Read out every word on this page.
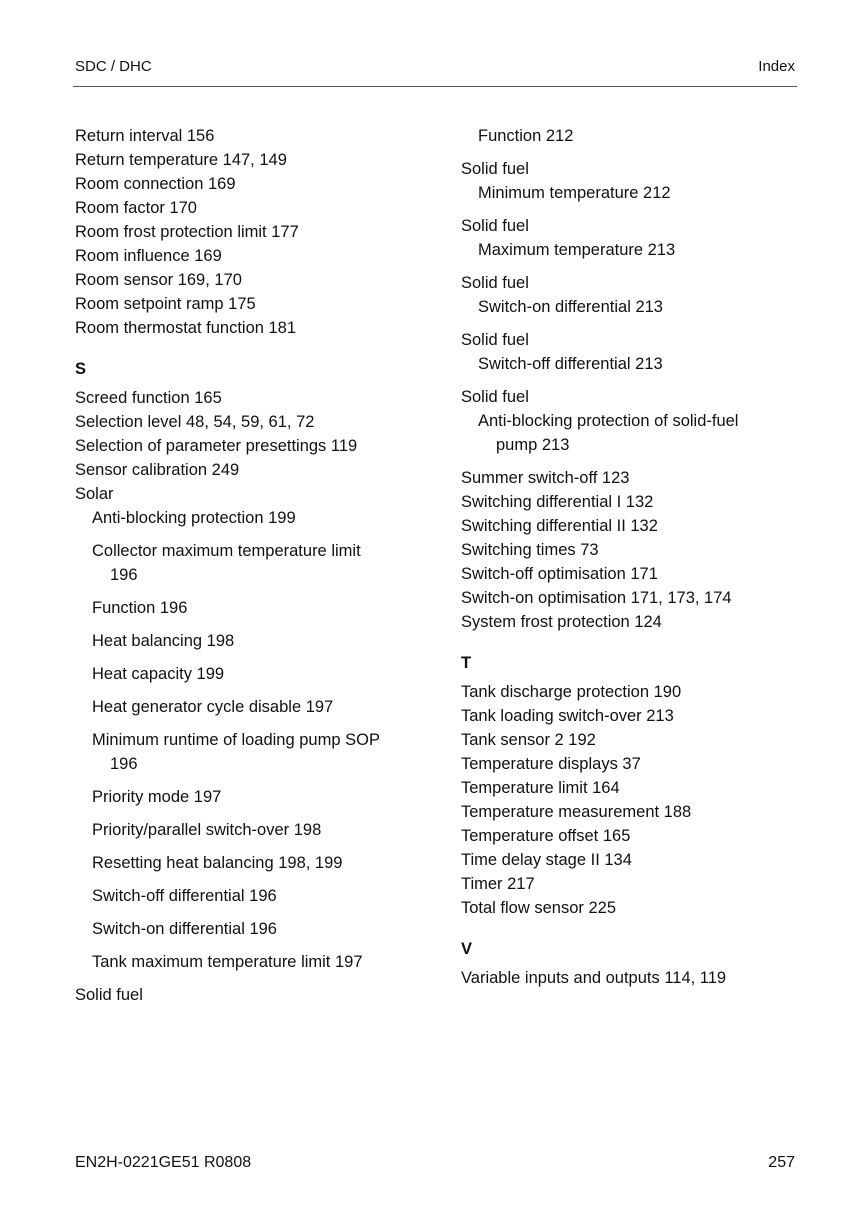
SDC / DHC	Index
Return interval 156
Return temperature 147, 149
Room connection 169
Room factor 170
Room frost protection limit 177
Room influence 169
Room sensor 169, 170
Room setpoint ramp 175
Room thermostat function 181
S
Screed function 165
Selection level 48, 54, 59, 61, 72
Selection of parameter presettings 119
Sensor calibration 249
Solar
Anti-blocking protection 199
Collector maximum temperature limit
196
Function 196
Heat balancing 198
Heat capacity 199
Heat generator cycle disable 197
Minimum runtime of loading pump SOP
196
Priority mode 197
Priority/parallel switch-over 198
Resetting heat balancing 198, 199
Switch-off differential 196
Switch-on differential 196
Tank maximum temperature limit 197
Solid fuel
Function 212
Solid fuel
Minimum temperature 212
Solid fuel
Maximum temperature 213
Solid fuel
Switch-on differential 213
Solid fuel
Switch-off differential 213
Solid fuel
Anti-blocking protection of solid-fuel
pump 213
Summer switch-off 123
Switching differential I 132
Switching differential II 132
Switching times 73
Switch-off optimisation 171
Switch-on optimisation 171, 173, 174
System frost protection 124
T
Tank discharge protection 190
Tank loading switch-over 213
Tank sensor 2 192
Temperature displays 37
Temperature limit 164
Temperature measurement 188
Temperature offset 165
Time delay stage II 134
Timer 217
Total flow sensor 225
V
Variable inputs and outputs 114, 119
EN2H-0221GE51 R0808	257
